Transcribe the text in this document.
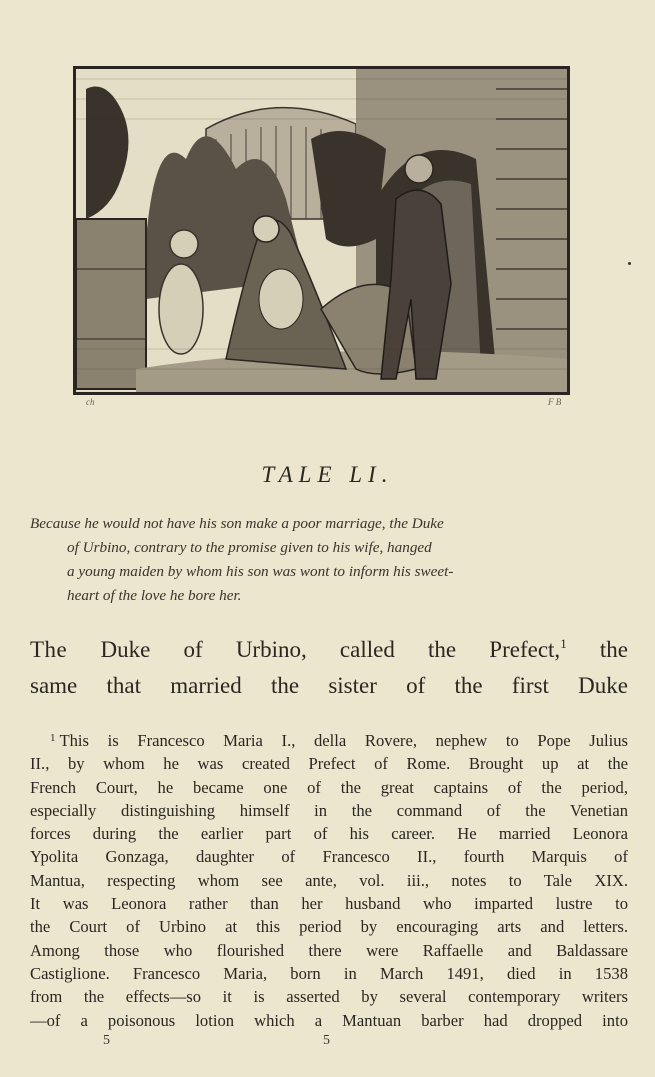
ch	F B
TALE LI.
Because he would not have his son make a poor marriage, the Duke
of Urbino, contrary to the promise given to his wife, hanged
a young maiden by whom his son was wont to inform his sweet-
heart of the love he bore her.
The Duke of Urbino, called the Prefect,$^1$ the
same that married the sister of the first Duke
$^1$ This is Francesco Maria I., della Rovere, nephew to Pope Julius
II., by whom he was created Prefect of Rome. Brought up at the
French Court, he became one of the great captains of the period,
especially distinguishing himself in the command of the Venetian
forces during the earlier part of his career. He married Leonora
Ypolita Gonzaga, daughter of Francesco II., fourth Marquis of
Mantua, respecting whom see ante, vol. iii., notes to Tale XIX.
It was Leonora rather than her husband who imparted lustre to
the Court of Urbino at this period by encouraging arts and letters.
Among those who flourished there were Raffaelle and Baldassare
Castiglione. Francesco Maria, born in March 1491, died in 1538
from the effects—so it is asserted by several contemporary writers
—of a poisonous lotion which a Mantuan barber had dropped into
5	5
